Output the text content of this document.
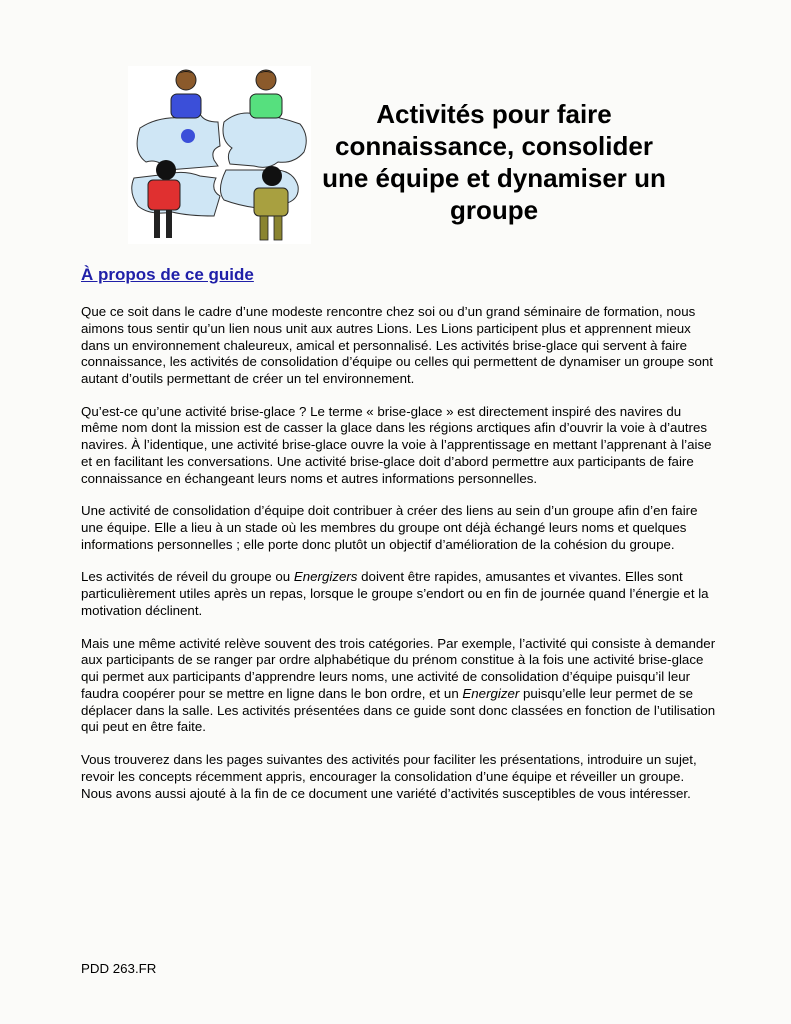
Activités pour faire connaissance, consolider une équipe et dynamiser un groupe
À propos de ce guide

Que ce soit dans le cadre d’une modeste rencontre chez soi ou d’un grand séminaire de formation, nous aimons tous sentir qu’un lien nous unit aux autres Lions. Les Lions participent plus et apprennent mieux dans un environnement chaleureux, amical et personnalisé. Les activités brise-glace qui servent à faire connaissance, les activités de consolidation d’équipe ou celles qui permettent de dynamiser un groupe sont autant d’outils permettant de créer un tel environnement.

Qu’est-ce qu’une activité brise-glace ? Le terme « brise-glace » est directement inspiré des navires du même nom dont la mission est de casser la glace dans les régions arctiques afin d’ouvrir la voie à d’autres navires. À l’identique, une activité brise-glace ouvre la voie à l’apprentissage en mettant l’apprenant à l’aise et en facilitant les conversations. Une activité brise-glace doit d’abord permettre aux participants de faire connaissance en échangeant leurs noms et autres informations personnelles.

Une activité de consolidation d’équipe doit contribuer à créer des liens au sein d’un groupe afin d’en faire une équipe. Elle a lieu à un stade où les membres du groupe ont déjà échangé leurs noms et quelques informations personnelles ; elle porte donc plutôt un objectif d’amélioration de la cohésion du groupe.

Les activités de réveil du groupe ou Energizers doivent être rapides, amusantes et vivantes. Elles sont particulièrement utiles après un repas, lorsque le groupe s’endort ou en fin de journée quand l’énergie et la motivation déclinent.

Mais une même activité relève souvent des trois catégories. Par exemple, l’activité qui consiste à demander aux participants de se ranger par ordre alphabétique du prénom constitue à la fois une activité brise-glace qui permet aux participants d’apprendre leurs noms, une activité de consolidation d’équipe puisqu’il leur faudra coopérer pour se mettre en ligne dans le bon ordre, et un Energizer puisqu’elle leur permet de se déplacer dans la salle. Les activités présentées dans ce guide sont donc classées en fonction de l’utilisation qui peut en être faite.

Vous trouverez dans les pages suivantes des activités pour faciliter les présentations, introduire un sujet, revoir les concepts récemment appris, encourager la consolidation d’une équipe et réveiller un groupe. Nous avons aussi ajouté à la fin de ce document une variété d’activités susceptibles de vous intéresser.

PDD 263.FR
